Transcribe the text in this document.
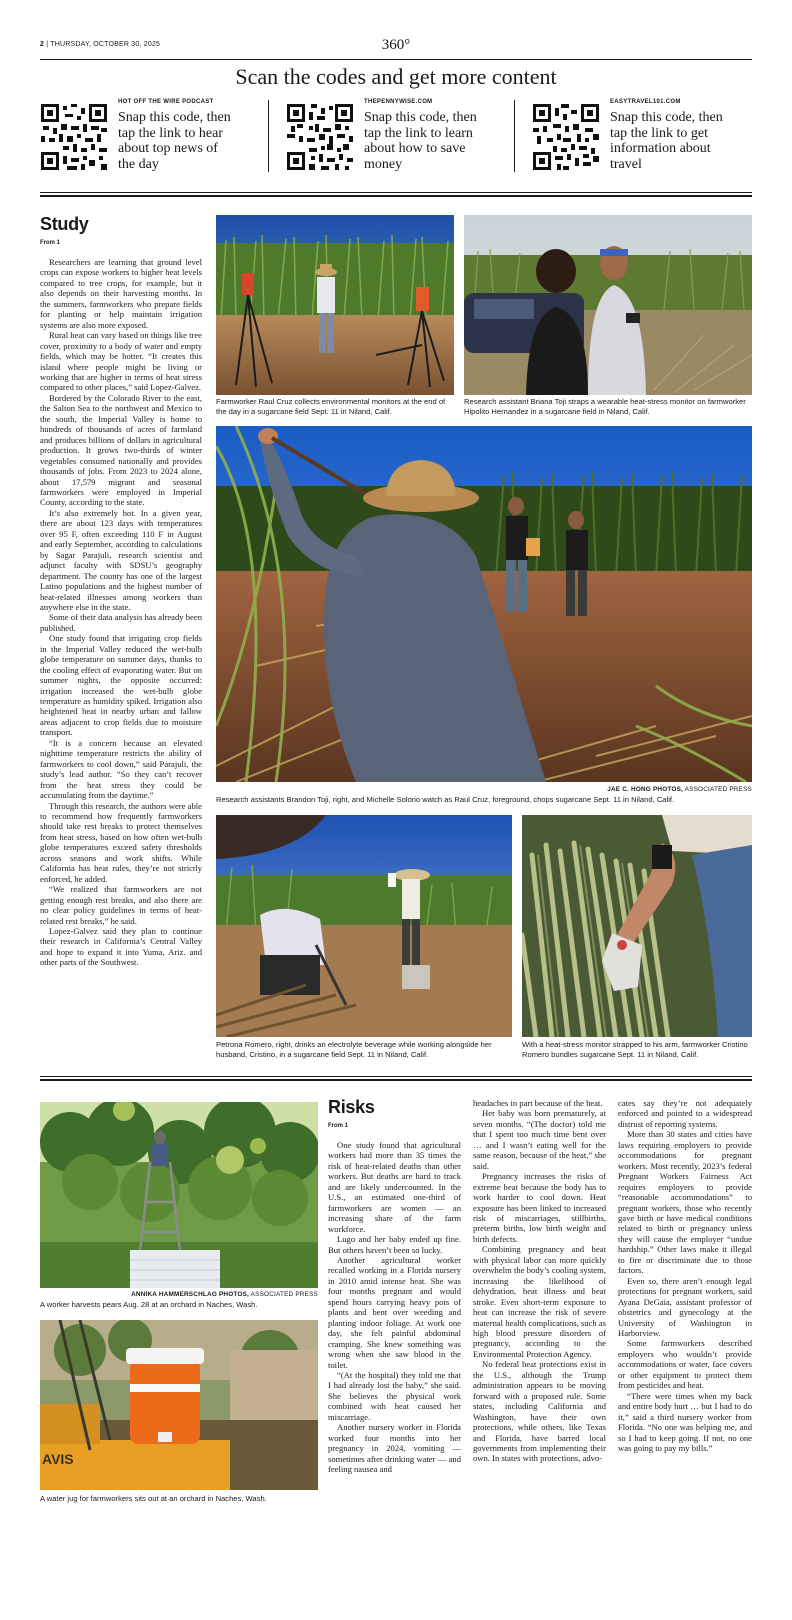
2 | THURSDAY, OCTOBER 30, 2025	360°
Scan the codes and get more content
HOT OFF THE WIRE PODCAST
Snap this code, then tap the link to hear about top news of the day
THEPENNYWISE.COM
Snap this code, then tap the link to learn about how to save money
EASYTRAVEL101.COM
Snap this code, then tap the link to get information about travel
Study
From 1

Researchers are learning that ground level crops can expose workers to higher heat levels compared to tree crops, for example, but it also depends on their harvesting months. In the summers, farmworkers who prepare fields for planting or help maintain irrigation systems are also more exposed.

Rural heat can vary based on things like tree cover, proximity to a body of water and empty fields, which may be hotter. “It creates this island where people might be living or working that are higher in terms of heat stress compared to other places,” said Lopez-Galvez.

Bordered by the Colorado River to the east, the Salton Sea to the northwest and Mexico to the south, the Imperial Valley is home to hundreds of thousands of acres of farmland and produces billions of dollars in agricultural production. It grows two-thirds of winter vegetables consumed nationally and provides thousands of jobs. From 2023 to 2024 alone, about 17,579 migrant and seasonal farmworkers were employed in Imperial County, according to the state.

It’s also extremely hot. In a given year, there are about 123 days with temperatures over 95 F, often exceeding 110 F in August and early September, according to calculations by Sagar Parajuli, research scientist and adjunct faculty with SDSU’s geography department. The county has one of the largest Latino populations and the highest number of heat-related illnesses among workers than anywhere else in the state.

Some of their data analysis has already been published.

One study found that irrigating crop fields in the Imperial Valley reduced the wet-bulb globe temperature on summer days, thanks to the cooling effect of evaporating water. But on summer nights, the opposite occurred: irrigation increased the wet-bulb globe temperature as humidity spiked. Irrigation also heightened heat in nearby urban and fallow areas adjacent to crop fields due to moisture transport.

“It is a concern because an elevated nighttime temperature restricts the ability of farmworkers to cool down,” said Parajuli, the study’s lead author. “So they can’t recover from the heat stress they could be accumulating from the daytime.”

Through this research, the authors were able to recommend how frequently farmworkers should take rest breaks to protect themselves from heat stress, based on how often wet-bulb globe temperatures exceed safety thresholds across seasons and work shifts. While California has heat rules, they’re not strictly enforced, he added.

“We realized that farmworkers are not getting enough rest breaks, and also there are no clear policy guidelines in terms of heat-related rest breaks,” he said.

Lopez-Galvez said they plan to continue their research in California’s Central Valley and hope to expand it into Yuma, Ariz. and other parts of the Southwest.

Farmworker Raul Cruz collects environmental monitors at the end of the day in a sugarcane field Sept. 11 in Niland, Calif.
Research assistant Briana Toji straps a wearable heat-stress monitor on farmworker Hipolito Hernandez in a sugarcane field in Niland, Calif.
JAE C. HONG PHOTOS, ASSOCIATED PRESS
Research assistants Brandon Toji, right, and Michelle Solorio watch as Raul Cruz, foreground, chops sugarcane Sept. 11 in Niland, Calif.
Petrona Romero, right, drinks an electrolyte beverage while working alongside her husband, Cristino, in a sugarcane field Sept. 11 in Niland, Calif.
With a heat-stress monitor strapped to his arm, farmworker Cristino Romero bundles sugarcane Sept. 11 in Niland, Calif.
ANNIKA HAMMERSCHLAG PHOTOS, ASSOCIATED PRESS
A worker harvests pears Aug. 28 at an orchard in Naches, Wash.
AVIS
A water jug for farmworkers sits out at an orchard in Naches, Wash.
Risks
From 1

One study found that agricultural workers had more than 35 times the risk of heat-related deaths than other workers. But deaths are hard to track and are likely undercounted. In the U.S., an estimated one-third of farmworkers are women — an increasing share of the farm workforce.

Lugo and her baby ended up fine. But others haven’t been so lucky.

Another agricultural worker recalled working in a Florida nursery in 2010 amid intense heat. She was four months pregnant and would spend hours carrying heavy pots of plants and bent over weeding and planting indoor foliage. At work one day, she felt painful abdominal cramping. She knew something was wrong when she saw blood in the toilet.

“(At the hospital) they told me that I had already lost the baby,” she said. She believes the physical work combined with heat caused her miscarriage.

Another nursery worker in Florida worked four months into her pregnancy in 2024, vomiting — sometimes after drinking water — and feeling nausea and

headaches in part because of the heat.

Her baby was born prematurely, at seven months. “(The doctor) told me that I spent too much time bent over … and I wasn’t eating well for the same reason, because of the heat,” she said.

Pregnancy increases the risks of extreme heat because the body has to work harder to cool down. Heat exposure has been linked to increased risk of miscarriages, stillbirths, preterm births, low birth weight and birth defects.

Combining pregnancy and heat with physical labor can more quickly overwhelm the body’s cooling system, increasing the likelihood of dehydration, heat illness and heat stroke. Even short-term exposure to heat can increase the risk of severe maternal health complications, such as high blood pressure disorders of pregnancy, according to the Environmental Protection Agency.

No federal heat protections exist in the U.S., although the Trump administration appears to be moving forward with a proposed rule. Some states, including California and Washington, have their own protections, while others, like Texas and Florida, have barred local governments from implementing their own. In states with protections, advo-

cates say they’re not adequately enforced and pointed to a widespread distrust of reporting systems.

More than 30 states and cities have laws requiring employers to provide accommodations for pregnant workers. Most recently, 2023’s federal Pregnant Workers Fairness Act requires employers to provide “reasonable accommodations” to pregnant workers, those who recently gave birth or have medical conditions related to birth or pregnancy unless they will cause the employer “undue hardship.” Other laws make it illegal to fire or discriminate due to those factors.

Even so, there aren’t enough legal protections for pregnant workers, said Ayana DeGaia, assistant professor of obstetrics and gynecology at the University of Washington in Harborview.

Some farmworkers described employers who wouldn’t provide accommodations or water, face covers or other equipment to protect them from pesticides and heat.

“There were times when my back and entire body hurt … but I had to do it,” said a third nursery worker from Florida. “No one was helping me, and so I had to keep going. If not, no one was going to pay my bills.”
